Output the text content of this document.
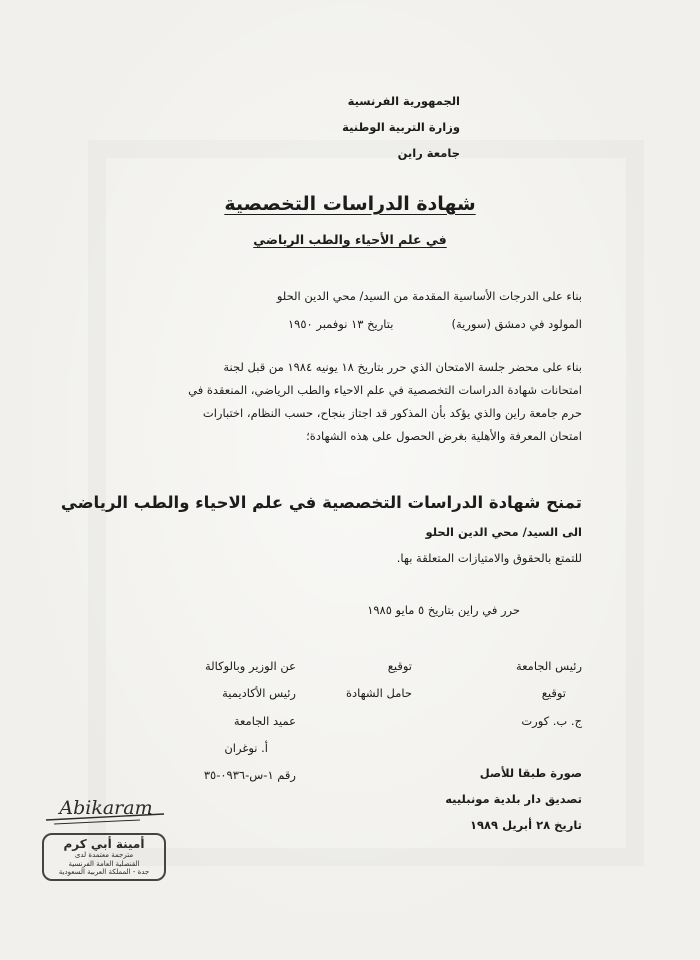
الجمهورية الفرنسية
وزارة التربية الوطنية
جامعة راين
شهادة الدراسات التخصصية
في علم الأحياء والطب الرياضي
بناء على الدرجات الأساسية المقدمة من السيد/ محي الدين الحلو
المولود في دمشق (سورية)بتاريخ ١٣ نوفمبر ١٩٥٠
بناء على محضر جلسة الامتحان الذي حرر بتاريخ ١٨ يونيه ١٩٨٤ من قبل لجنة
امتحانات شهادة الدراسات التخصصية في علم الاحياء والطب الرياضي، المنعقدة في
حرم جامعة راين والذي يؤكد بأن المذكور قد اجتاز بنجاح، حسب النظام، اختبارات
امتحان المعرفة والأهلية بغرض الحصول على هذه الشهادة؛
تمنح شهادة الدراسات التخصصية في علم الاحياء والطب الرياضي
الى السيد/ محي الدين الحلو
للتمتع بالحقوق والامتيازات المتعلقة بها.
حرر في راين بتاريخ ٥ مايو ١٩٨٥
رئيس الجامعة
توقيع
عن الوزير وبالوكالة
توقيع
حامل الشهادة
رئيس الأكاديمية
ج. ب. كورت
عميد الجامعة
أ. نوغران
صورة طبقا للأصل
تصديق دار بلدية مونبلييه
تاريخ ٢٨ أبريل ١٩٨٩
رقم ١-س-٠٩٣٦-٣٥
Abikaram
أمينة أبي كرم
مترجمة معتمدة لدى
القنصلية العامة الفرنسية
جدة - المملكة العربية السعودية
